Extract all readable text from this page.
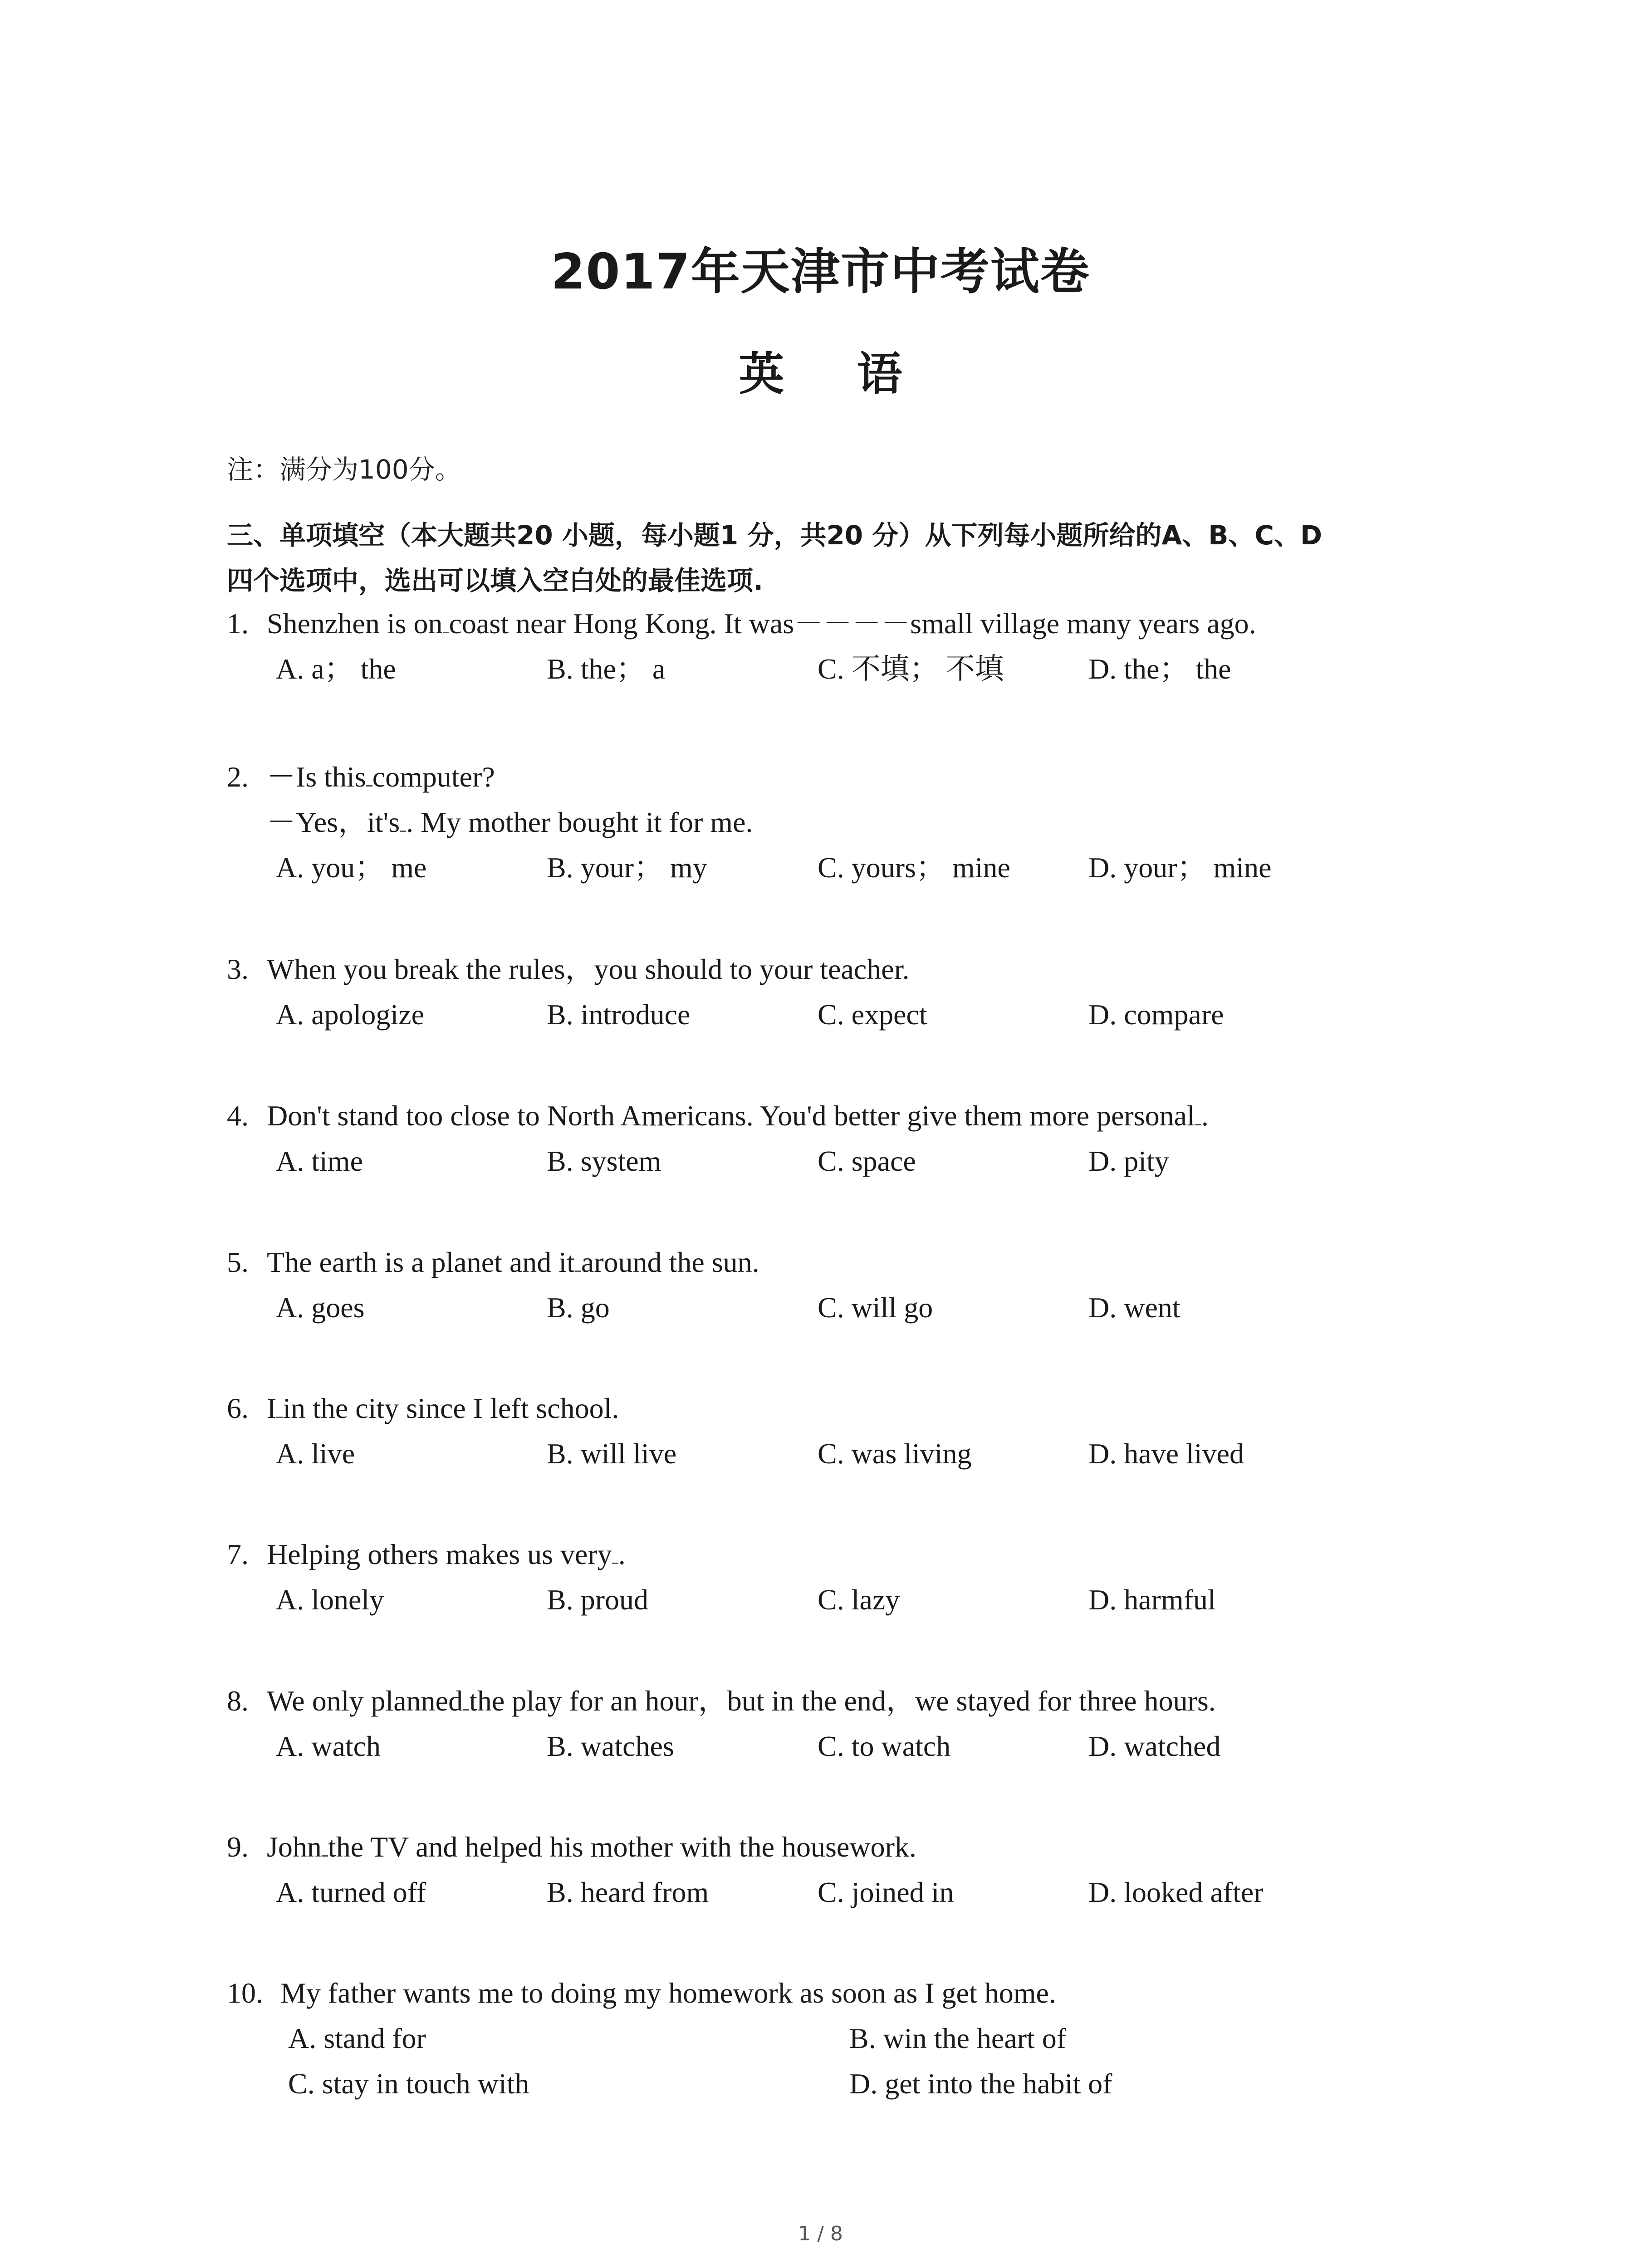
2017年天津市中考试卷
英 语
注：满分为100分。
三、单项填空（本大题共20 小题，每小题1 分，共20 分）从下列每小题所给的A、B、C、D
四个选项中，选出可以填入空白处的最佳选项.
1. Shenzhen is on coast near Hong Kong. It was－－－－small village many years ago.
A. a； the	B. the； a	C. 不填； 不填	D. the； the
2. －Is this computer?
－Yes，it's . My mother bought it for me.
A. you； me	B. your； my	C. yours； mine	D. your； mine
3. When you break the rules，you should to your teacher.
A. apologize	B. introduce	C. expect	D. compare
4. Don't stand too close to North Americans. You'd better give them more personal .
A. time	B. system	C. space	D. pity
5. The earth is a planet and it around the sun.
A. goes	B. go	C. will go	D. went
6. I in the city since I left school.
A. live	B. will live	C. was living	D. have lived
7. Helping others makes us very .
A. lonely	B. proud	C. lazy	D. harmful
8. We only planned the play for an hour，but in the end，we stayed for three hours.
A. watch	B. watches	C. to watch	D. watched
9. John the TV and helped his mother with the housework.
A. turned off	B. heard from	C. joined in	D. looked after
10. My father wants me to doing my homework as soon as I get home.
A. stand for	B. win the heart of
C. stay in touch with	D. get into the habit of
1 / 8
